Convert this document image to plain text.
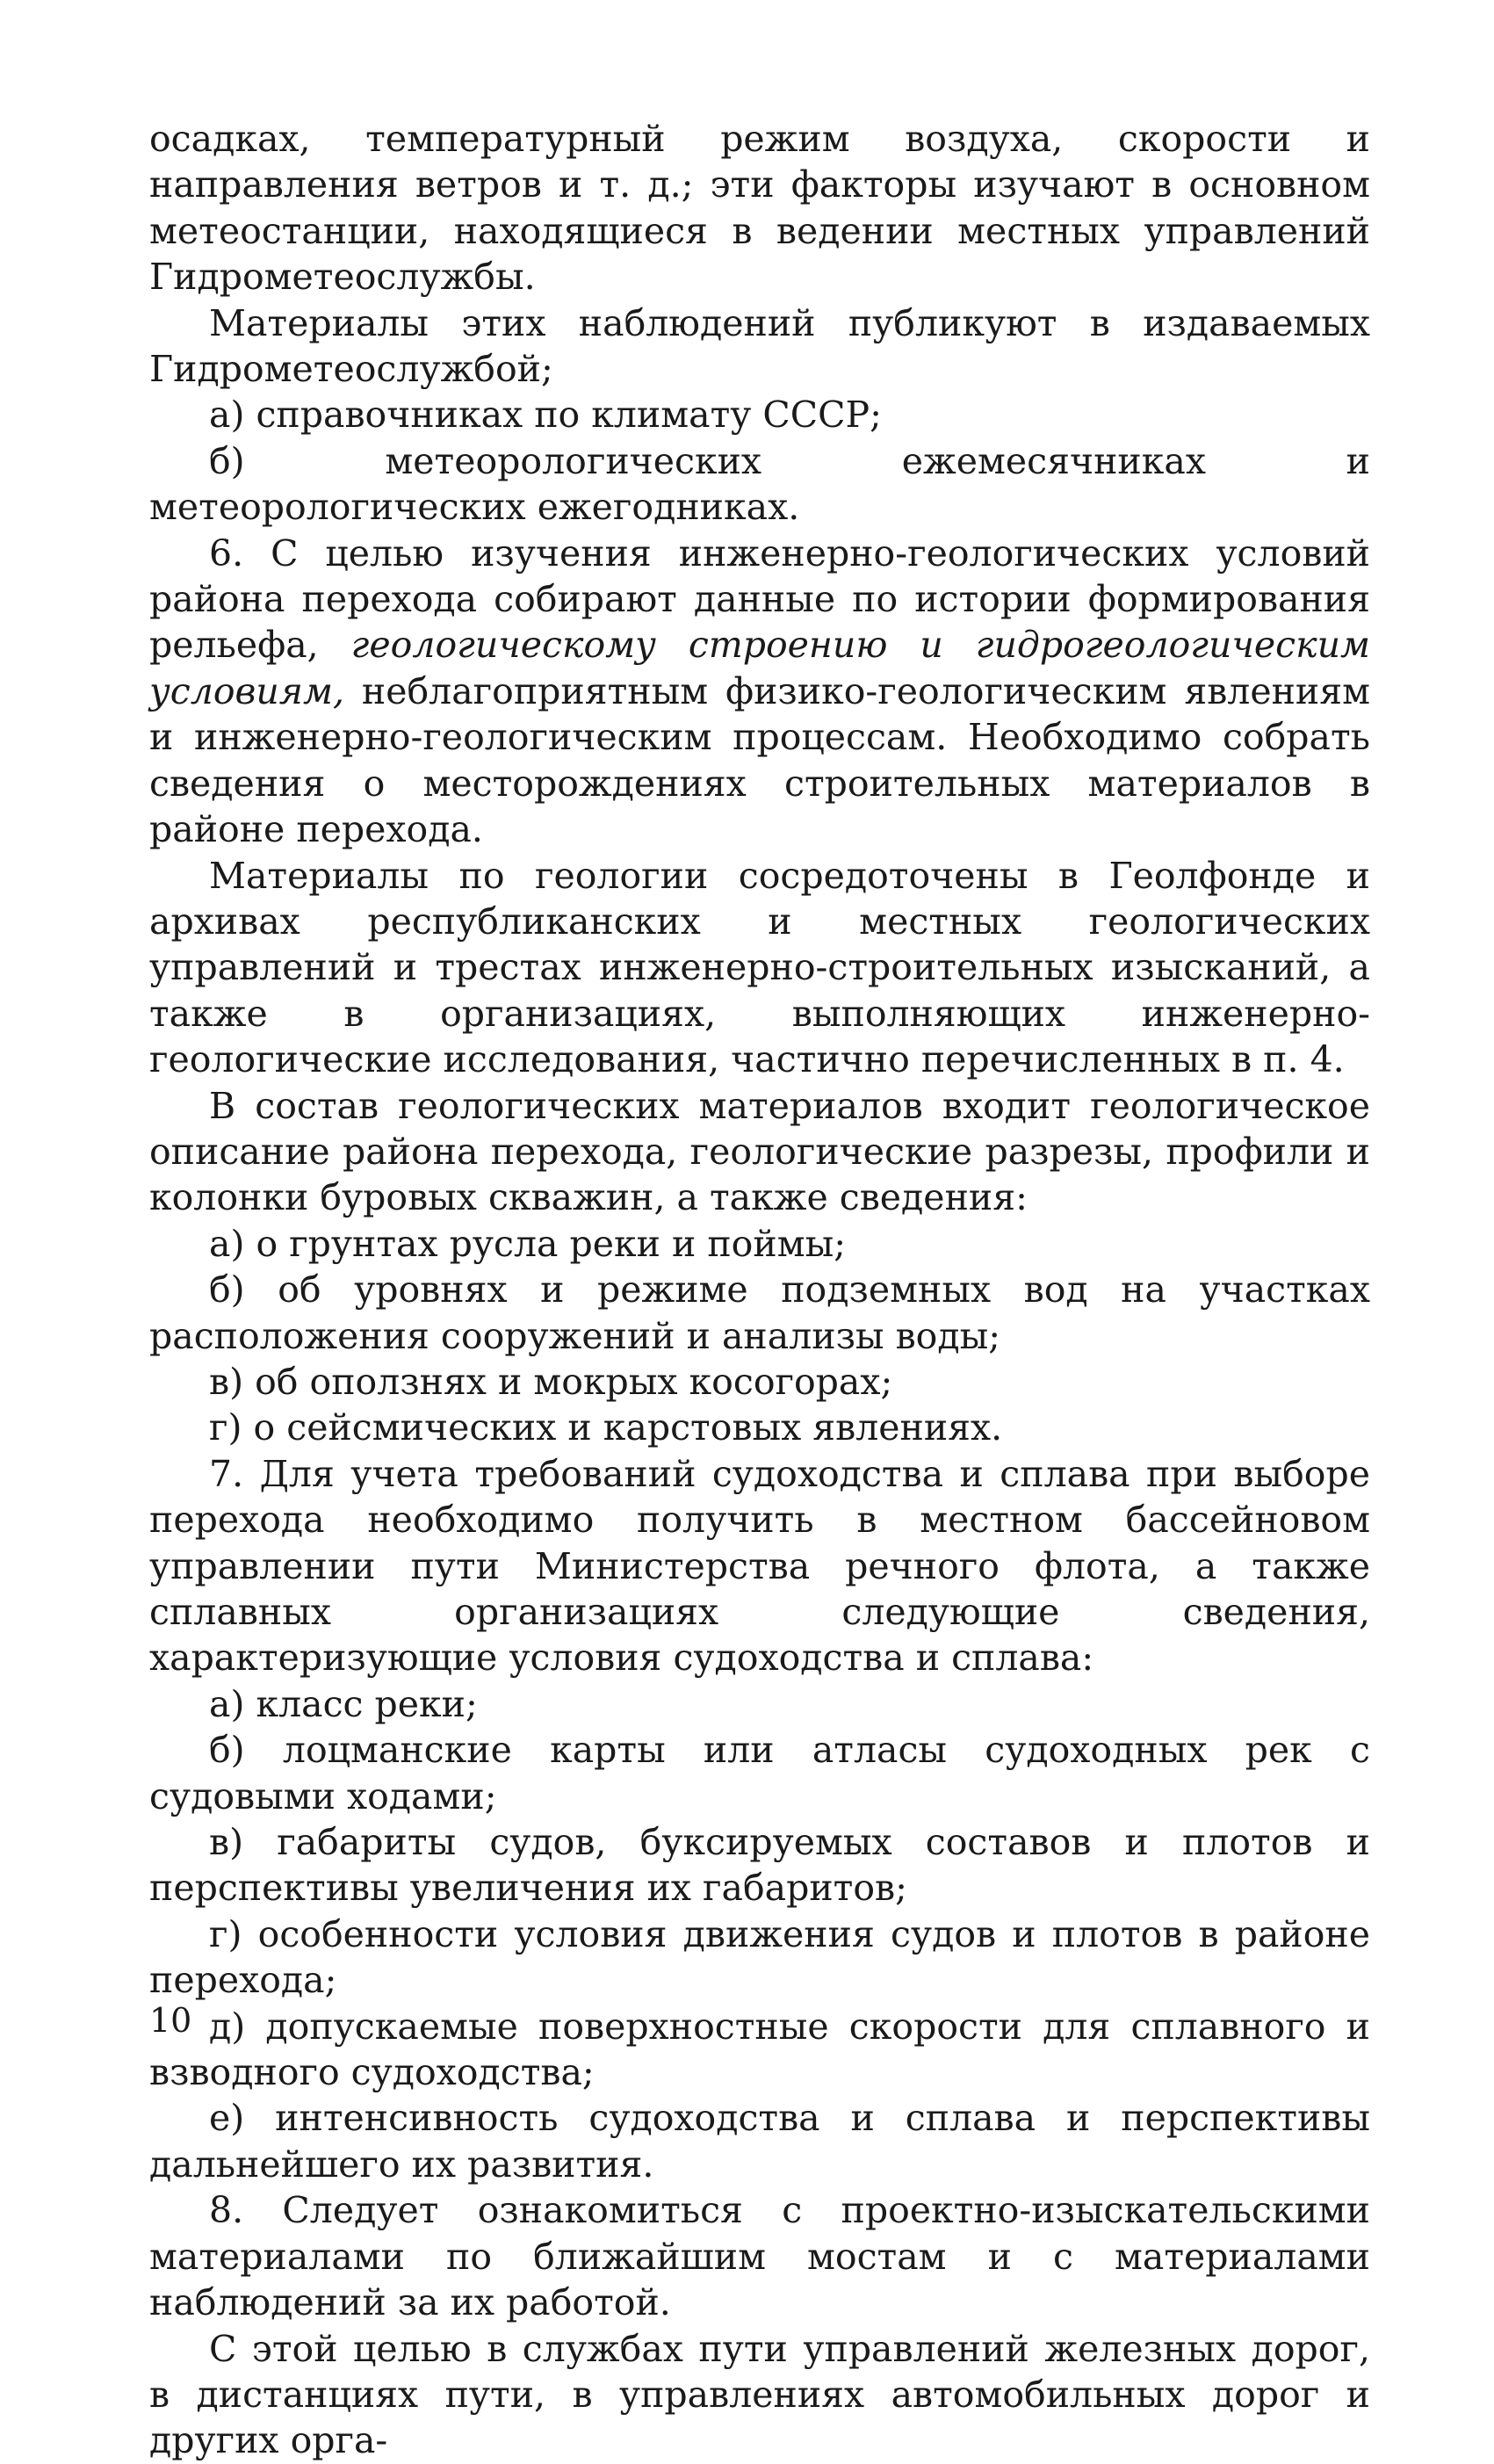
осадках, температурный режим воздуха, скорости и направления ветров и т. д.; эти факторы изучают в основном метеостанции, находящиеся в ведении местных управлений Гидрометеослужбы.

Материалы этих наблюдений публикуют в издаваемых Гидрометеослужбой;

а) справочниках по климату СССР;

б) метеорологических ежемесячниках и метеорологических ежегодниках.

6. С целью изучения инженерно-геологических условий района перехода собирают данные по истории формирования рельефа, геологическому строению и гидрогеологическим условиям, неблагоприятным физико-геологическим явлениям и инженерно-геологическим процессам. Необходимо собрать сведения о месторождениях строительных материалов в районе перехода.

Материалы по геологии сосредоточены в Геолфонде и архивах республиканских и местных геологических управлений и трестах инженерно-строительных изысканий, а также в организациях, выполняющих инженерно-геологические исследования, частично перечисленных в п. 4.

В состав геологических материалов входит геологическое описание района перехода, геологические разрезы, профили и колонки буровых скважин, а также сведения:

а) о грунтах русла реки и поймы;

б) об уровнях и режиме подземных вод на участках расположения сооружений и анализы воды;

в) об оползнях и мокрых косогорах;

г) о сейсмических и карстовых явлениях.

7. Для учета требований судоходства и сплава при выборе перехода необходимо получить в местном бассейновом управлении пути Министерства речного флота, а также сплавных организациях следующие сведения, характеризующие условия судоходства и сплава:

а) класс реки;

б) лоцманские карты или атласы судоходных рек с судовыми ходами;

в) габариты судов, буксируемых составов и плотов и перспективы увеличения их габаритов;

г) особенности условия движения судов и плотов в районе перехода;

д) допускаемые поверхностные скорости для сплавного и взводного судоходства;

е) интенсивность судоходства и сплава и перспективы дальнейшего их развития.

8. Следует ознакомиться с проектно-изыскательскими материалами по ближайшим мостам и с материалами наблюдений за их работой.

С этой целью в службах пути управлений железных дорог, в дистанциях пути, в управлениях автомобильных дорог и других орга-

10
